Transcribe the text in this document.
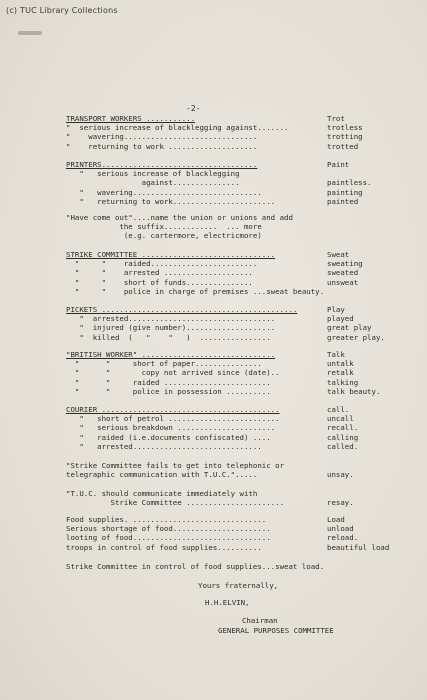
(c) TUC Library Collections
-2-
TRANSPORT WORKERS ...........	Trot
"  serious increase of blacklegging against.......	trotless
"    wavering..............................	trotting
"    returning to work ....................	trotted
PRINTERS...................................	Paint
"   serious increase of blacklegging
against...............	paintless.
"   wavering.............................	painting
"   returning to work.......................	painted
"Have come out"....name the union or unions and add
the suffix............  ... more
(e.g. cartermore, electricmore)
STRIKE COMMITTEE ..............................	Sweat
"     "    raided........................	sweating
"     "    arrested ....................	sweated
"     "    short of funds...............	unsweat
"     "    police in charge of premises ...sweat beauty.
PICKETS ............................................	Play
"  arrested.................................	played
"  injured (give number)....................	great play
"  killed  (   "    "   )  ................	greater play.
"BRITISH WORKER" ..............................	Talk
"      "     short of paper...............	untalk
"      "       copy not arrived since (date)..	retalk
"      "     raided ........................	talking
"      "     police in possession ..........	talk beauty.
COURIER ........................................	call.
"   short of petrol .........................	uncall
"   serious breakdown ......................	recall.
"   raided (i.e.documents confiscated) ....	calling
"   arrested.............................	called.
"Strike Committee fails to get into telephonic or
telegraphic communication with T.U.C.".....	unsay.
"T.U.C. should communicate immediately with
Strike Committee ......................	resay.
Food supplies. ..............................	Load
Serious shortage of food......................	unload
looting of food...............................	reload.
troops in control of food supplies..........	beautiful load
Strike Committee in control of food supplies...sweat load.
Yours fraternally,
H.H.ELVIN,
Chairman
GENERAL PURPOSES COMMITTEE
